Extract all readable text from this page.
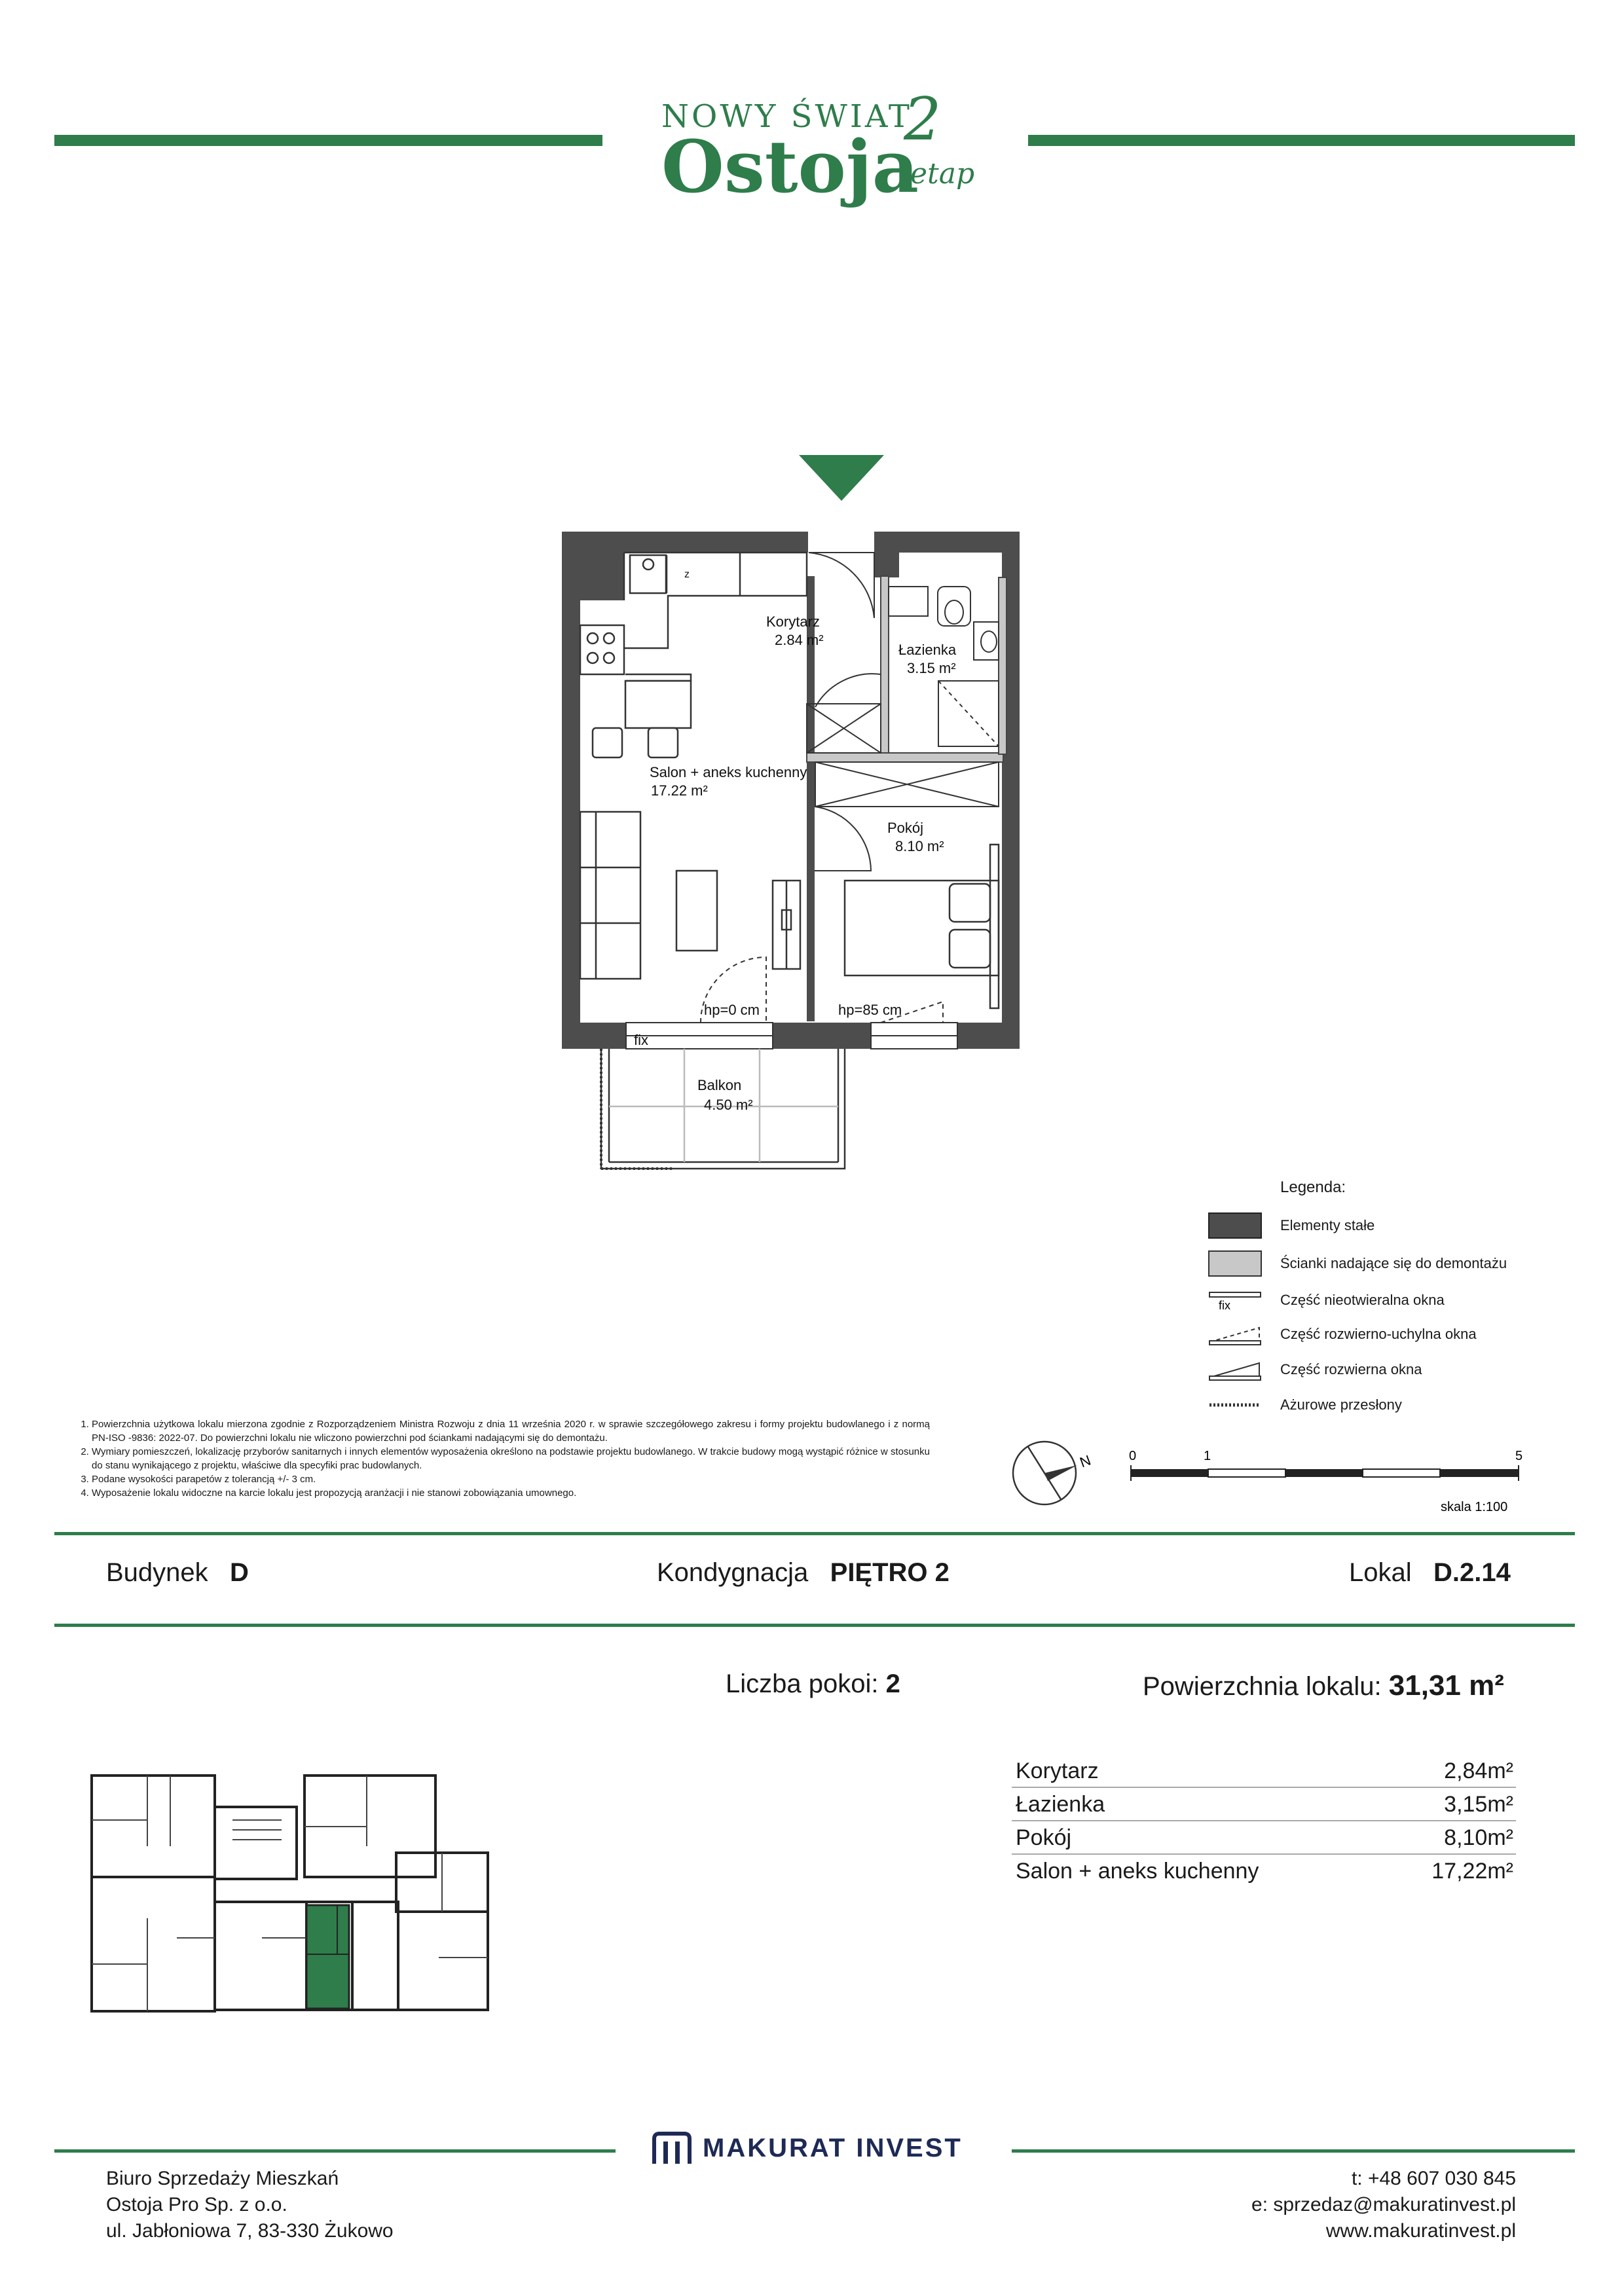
NOWY ŚWIAT
Ostoja
2
etap
Korytarz
2.84 m²
Łazienka
3.15 m²
Salon + aneks kuchenny
17.22 m²
Pokój
8.10 m²
Balkon
4.50 m²
hp=0 cm	hp=85 cm
fix
z
Legenda:
Elementy stałe
Ścianki nadające się do demontażu
fix	Część nieotwieralna okna
Część rozwierno-uchylna okna
Część rozwierna okna
Ażurowe przesłony
1. Powierzchnia użytkowa lokalu mierzona zgodnie z Rozporządzeniem Ministra Rozwoju z dnia 11 września 2020 r. w sprawie szczegółowego zakresu i formy projektu budowlanego i z normą PN-ISO -9836: 2022-07. Do powierzchni lokalu nie wliczono powierzchni pod ściankami nadającymi się do demontażu.
2. Wymiary pomieszczeń, lokalizację przyborów sanitarnych i innych elementów wyposażenia określono na podstawie projektu budowlanego. W trakcie budowy mogą wystąpić różnice w stosunku do stanu wynikającego z projektu, właściwe dla specyfiki prac budowlanych.
3. Podane wysokości parapetów z tolerancją +/- 3 cm.
4. Wyposażenie lokalu widoczne na karcie lokalu jest propozycją aranżacji i nie stanowi zobowiązania umownego.
N	0	1	5
skala 1:100
Budynek D	Kondygnacja PIĘTRO 2	Lokal D.2.14
Liczba pokoi: 2	Powierzchnia lokalu: 31,31 m²
Korytarz	2,84m²
Łazienka	3,15m²
Pokój	8,10m²
Salon + aneks kuchenny	17,22m²
MAKURAT INVEST
Biuro Sprzedaży Mieszkań
Ostoja Pro Sp. z o.o.
ul. Jabłoniowa 7, 83-330 Żukowo
t: +48 607 030 845
e: sprzedaz@makuratinvest.pl
www.makuratinvest.pl
